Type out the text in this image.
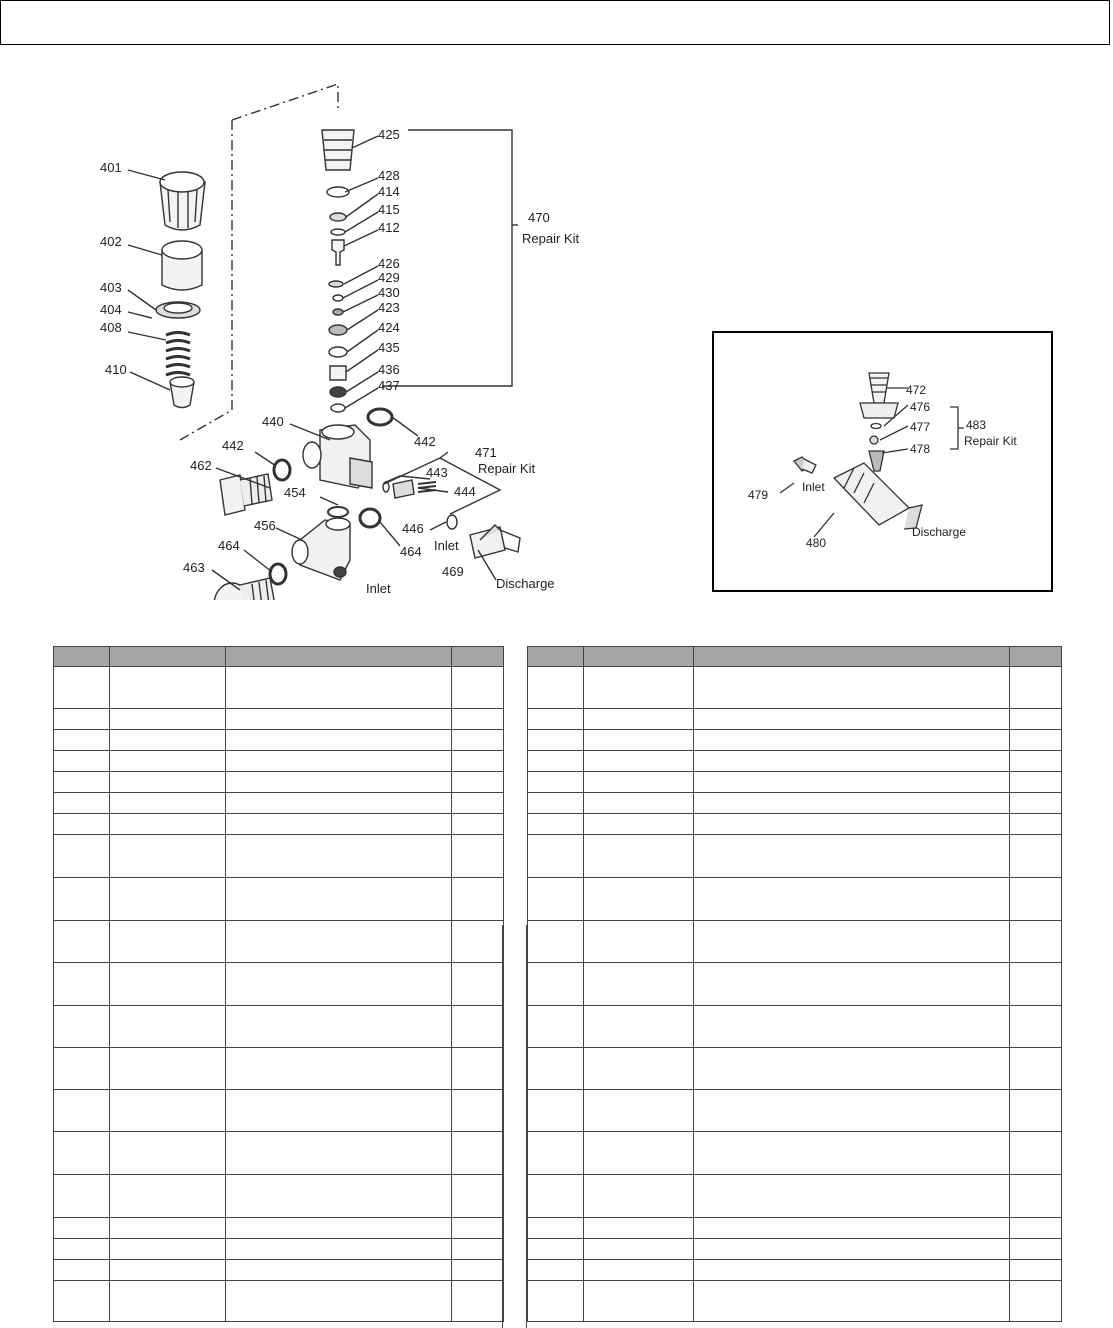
401
402
403
404
408
410
425
428
414
415
412
426
429
430
423
424
435
436
437
470
Repair Kit
440
442
442
462
454
471
Repair Kit
443
444
446
456
464 Inlet
464
463	469
Discharge
Inlet
472
476
477
478
483
Repair Kit
479
Inlet
480
Discharge
